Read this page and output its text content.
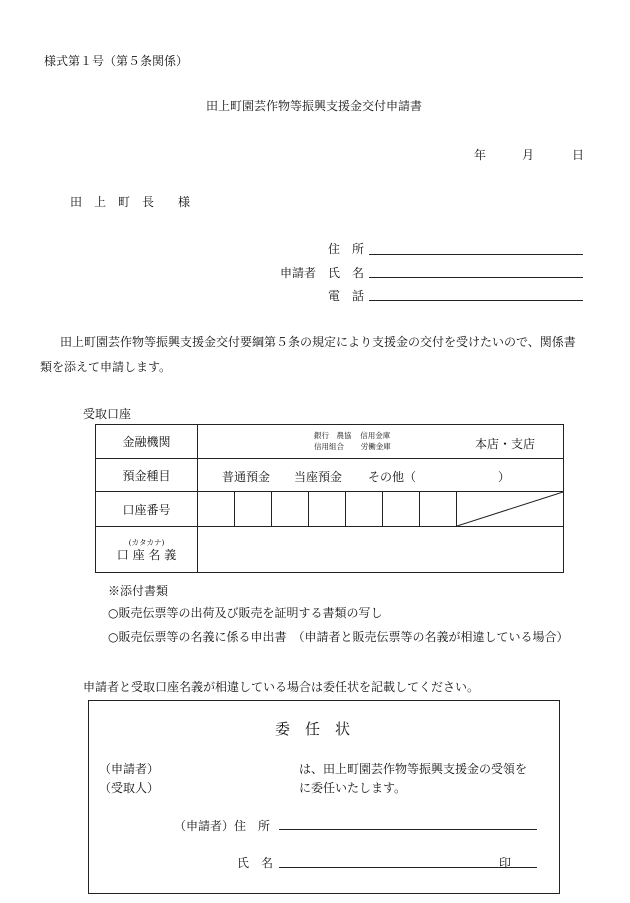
様式第１号（第５条関係）
田上町園芸作物等振興支援金交付申請書
年	月	日
田　上　町　長　　様
住　所
申請者 氏　名
電　話
田上町園芸作物等振興支援金交付要綱第５条の規定により支援金の交付を受けたいので、関係書
類を添えて申請します。
受取口座
金融機関	銀行　農協 信用金庫
信用組合 労働金庫 本店・支店							

預金種目	普通預金 当座預金 その他（ ）							

口座番号								

(カタカナ)
口 座 名 義								

※添付書類
○販売伝票等の出荷及び販売を証明する書類の写し
○販売伝票等の名義に係る申出書　（申請者と販売伝票等の名義が相違している場合）
申請者と受取口座名義が相違している場合は委任状を記載してください。
委　任　状
（申請者）
（受取人）
は、田上町園芸作物等振興支援金の受領を
に委任いたします。
（申請者）住　所
氏　名	印
